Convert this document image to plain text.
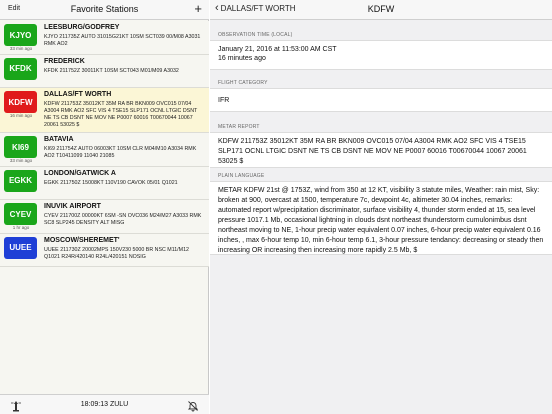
Edit	Favorite Stations	+
KJYO
33 min ago
LEESBURG/GODFREY
KJYO 211735Z AUTO 31015G21KT 10SM SCT039 00/M08 A3031 RMK AO2
KFDK
FREDERICK
KFDK 211752Z 30011KT 10SM SCT043 M01/M09 A3032
KDFW
16 min ago
DALLAS/FT WORTH
KDFW 211753Z 35012KT 35M RA BR BKN009 OVC015 07/04 A3004 RMK AO2 SFC VIS 4 TSE15 SLP171 OCNL LTGIC DSNT NE TS CB DSNT NE MOV NE P0007 60016 T00670044 10067 20061 53025 $
KI69
33 min ago
BATAVIA
KI69 211754Z AUTO 06003KT 10SM CLR M04/M10 A3034 RMK AO2 T10411099 11040 21085
EGKK
LONDON/GATWICK A
EGKK 211750Z 15008KT 110V190 CAVOK 05/01 Q1021
CYEV
1 hr ago
INUVIK AIRPORT
CYEV 211700Z 00000KT 6SM -SN OVC036 M24/M27 A3033 RMK SC8 SLP245 DENSITY ALT MISG
UUEE
MOSCOW/SHEREMET'
UUEE 211730Z 20002MPS 150V230 5000 BR NSC M11/M12 Q1021 R24R/420140 R24L/420151 NOSIG
18:09:13 ZULU
‹ DALLAS/FT WORTH	KDFW
OBSERVATION TIME (LOCAL)
January 21, 2016 at 11:53:00 AM CST
16 minutes ago
FLIGHT CATEGORY
IFR
METAR REPORT
KDFW 211753Z 35012KT 35M RA BR BKN009 OVC015 07/04 A3004 RMK AO2 SFC VIS 4 TSE15 SLP171 OCNL LTGIC DSNT NE TS CB DSNT NE MOV NE P0007 60016 T00670044 10067 20061 53025 $
PLAIN LANGUAGE
METAR KDFW 21st @ 1753Z, wind from 350 at 12 KT, visibility 3 statute miles, Weather: rain mist, Sky: broken at 900, overcast at 1500, temperature 7c, dewpoint 4c, altimeter 30.04 inches, remarks: automated report w/precipitation discriminator, surface visibility 4, thunder storm ended at 15, sea level pressure 1017.1 Mb, occasional lightning in clouds dsnt northeast thunderstorm cumulonimbus dsnt northeast moving to NE, 1-hour precip water equivalent 0.07 inches, 6-hour precip water equivalent 0.16 inches, , max 6-hour temp 10, min 6-hour temp 6.1, 3-hour pressure tendancy: decreasing or steady then increasing OR increasing then increasing more rapidly 2.5 Mb, $
